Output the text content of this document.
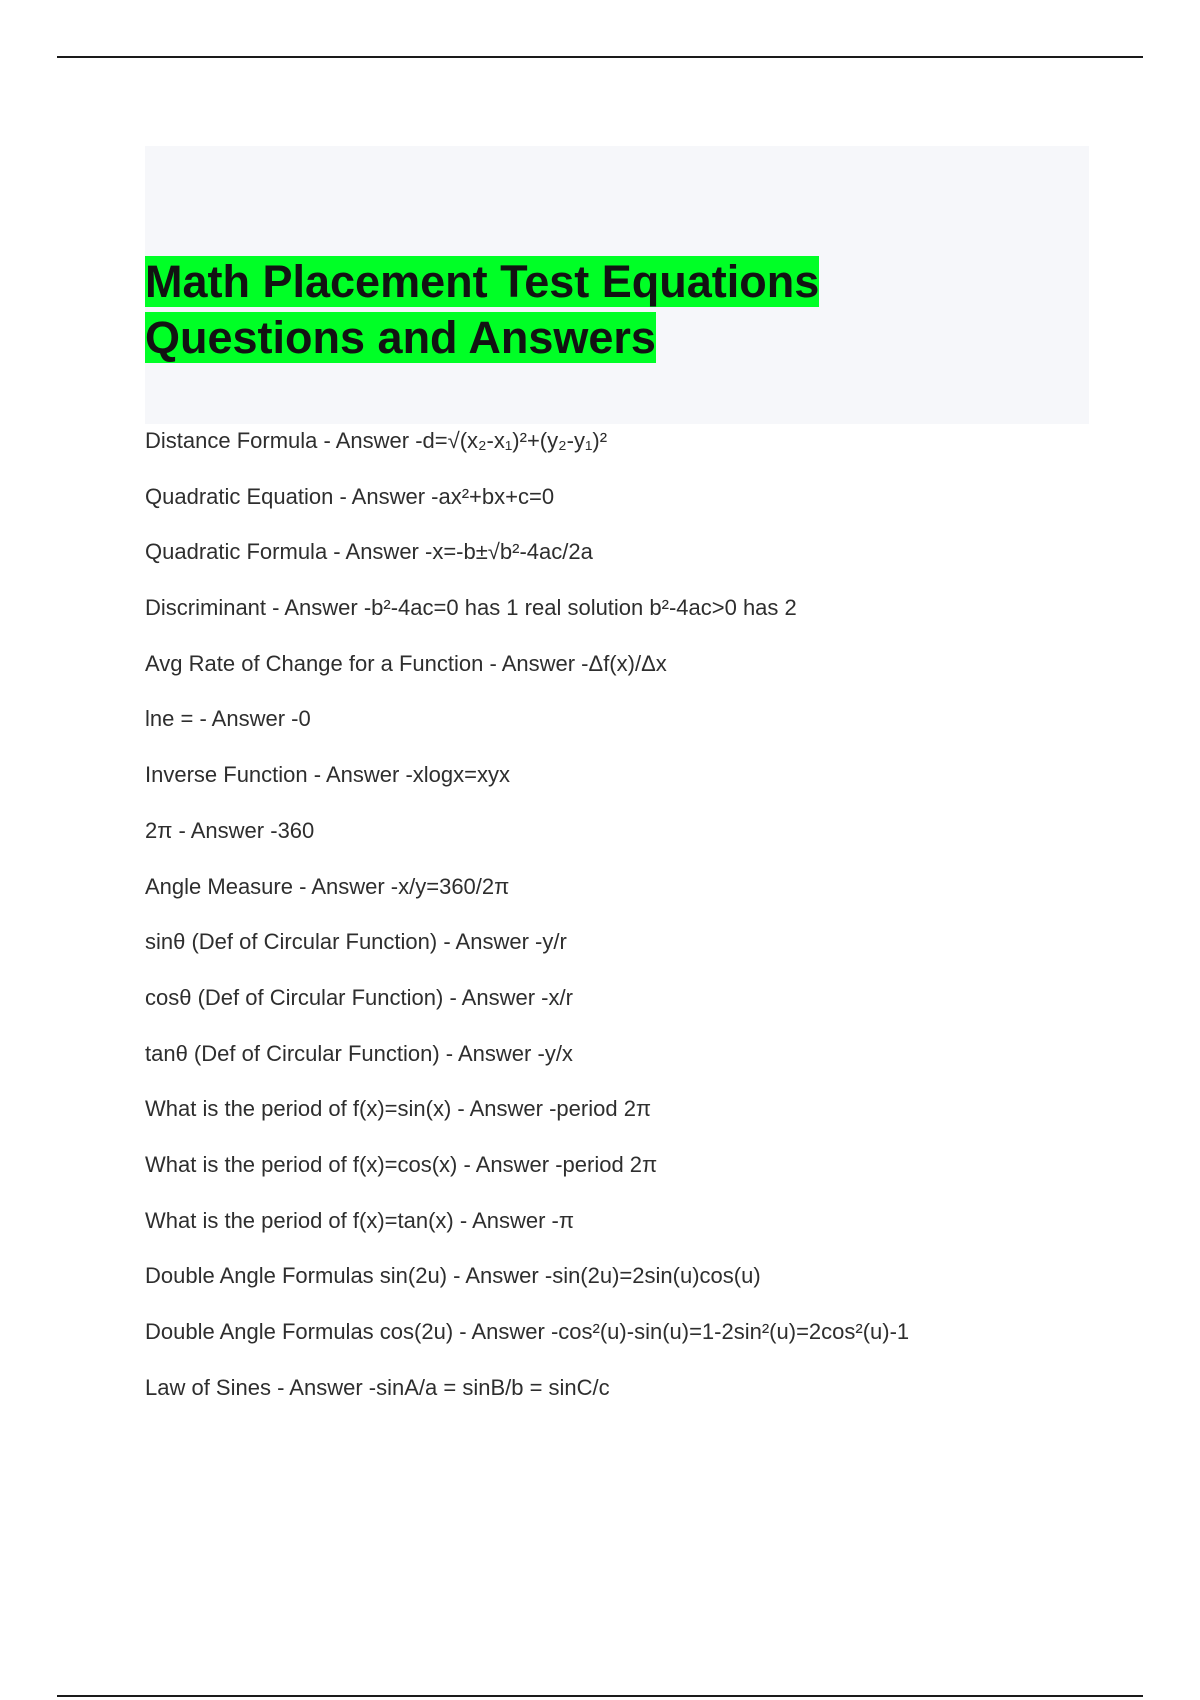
Math Placement Test Equations
Questions and Answers
Distance Formula - Answer -d=√(x₂-x₁)²+(y₂-y₁)²
Quadratic Equation - Answer -ax²+bx+c=0
Quadratic Formula - Answer -x=-b±√b²-4ac/2a
Discriminant - Answer -b²-4ac=0 has 1 real solution b²-4ac>0 has 2
Avg Rate of Change for a Function - Answer -Δf(x)/Δx
lne = - Answer -0
Inverse Function - Answer -xlogx=xyx
2π - Answer -360
Angle Measure - Answer -x/y=360/2π
sinθ (Def of Circular Function) - Answer -y/r
cosθ (Def of Circular Function) - Answer -x/r
tanθ (Def of Circular Function) - Answer -y/x
What is the period of f(x)=sin(x) - Answer -period 2π
What is the period of f(x)=cos(x) - Answer -period 2π
What is the period of f(x)=tan(x) - Answer -π
Double Angle Formulas sin(2u) - Answer -sin(2u)=2sin(u)cos(u)
Double Angle Formulas cos(2u) - Answer -cos²(u)-sin(u)=1-2sin²(u)=2cos²(u)-1
Law of Sines - Answer -sinA/a = sinB/b = sinC/c
